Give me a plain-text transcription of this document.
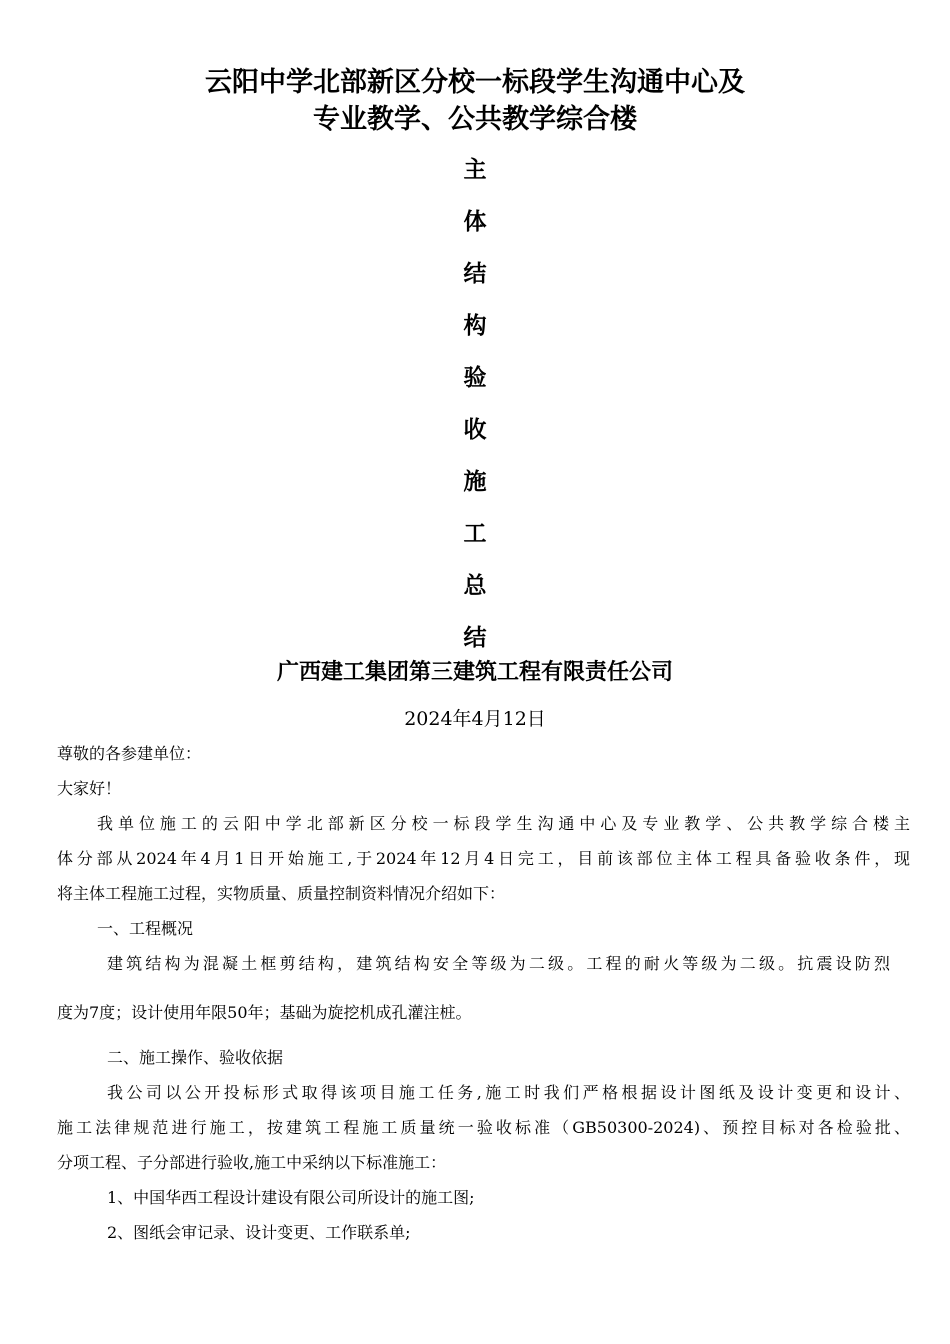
云阳中学北部新区分校一标段学生沟通中心及
专业教学、公共教学综合楼
主
体
结
构
验
收
施
工
总
结
广西建工集团第三建筑工程有限责任公司
2024年4月12日
尊敬的各参建单位：
大家好！
我单位施工的云阳中学北部新区分校一标段学生沟通中心及专业教学、公共教学综合楼主
体分部从2024年4月1日开始施工,于2024年12月4日完工，目前该部位主体工程具备验收条件，现
将主体工程施工过程，实物质量、质量控制资料情况介绍如下：
一、工程概况
建筑结构为混凝土框剪结构，建筑结构安全等级为二级。工程的耐火等级为二级。抗震设防烈
度为7度；设计使用年限50年；基础为旋挖机成孔灌注桩。
二、施工操作、验收依据
我公司以公开投标形式取得该项目施工任务,施工时我们严格根据设计图纸及设计变更和设计、
施工法律规范进行施工，按建筑工程施工质量统一验收标准（GB50300-2024)、预控目标对各检验批、
分项工程、子分部进行验收,施工中采纳以下标准施工：
1、中国华西工程设计建设有限公司所设计的施工图;
2、图纸会审记录、设计变更、工作联系单;
